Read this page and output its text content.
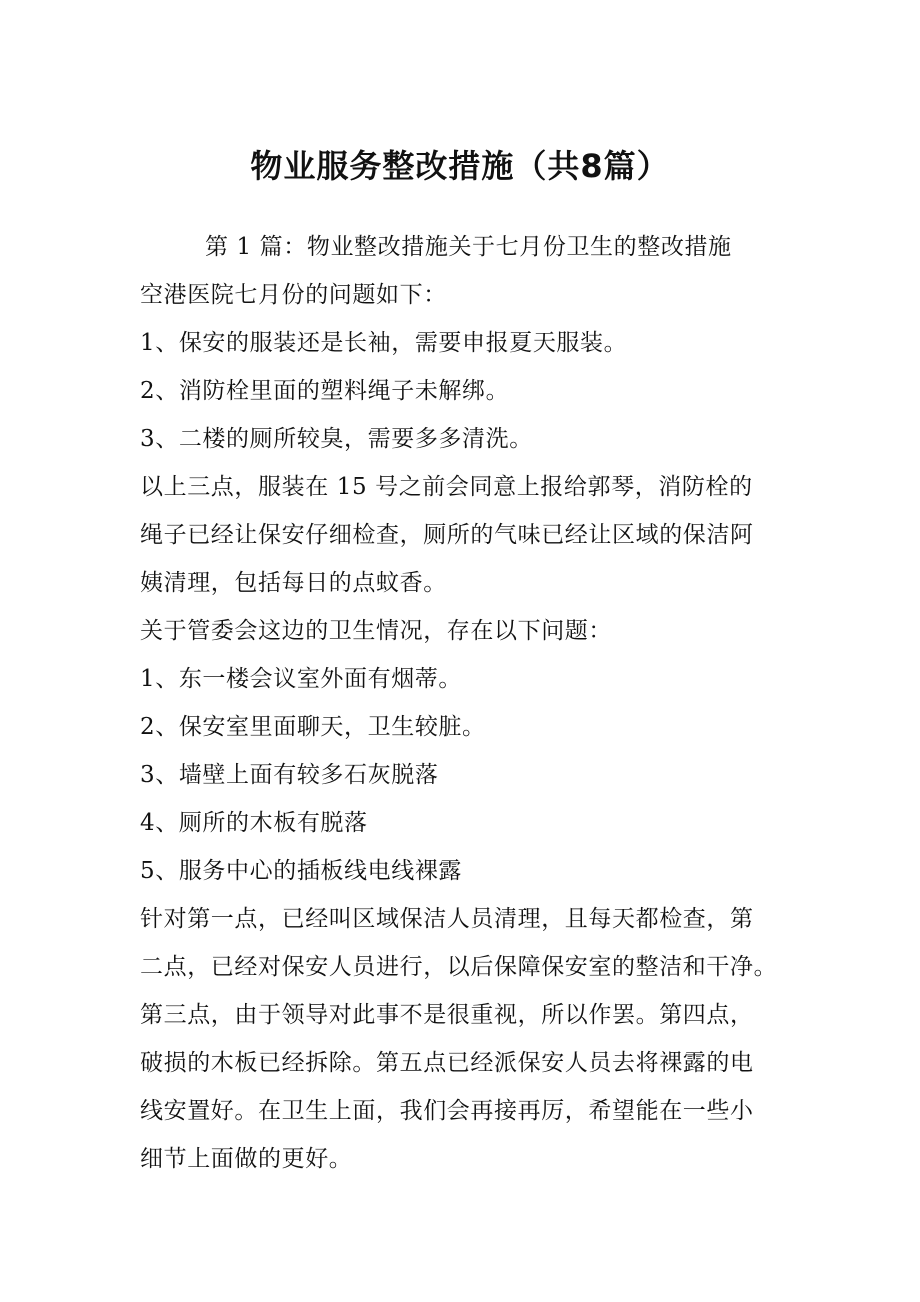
物业服务整改措施（共8篇）
第 1 篇：物业整改措施关于七月份卫生的整改措施
空港医院七月份的问题如下：
1、保安的服装还是长袖，需要申报夏天服装。
2、消防栓里面的塑料绳子未解绑。
3、二楼的厕所较臭，需要多多清洗。
以上三点，服装在 15 号之前会同意上报给郭琴，消防栓的
绳子已经让保安仔细检查，厕所的气味已经让区域的保洁阿
姨清理，包括每日的点蚊香。
关于管委会这边的卫生情况，存在以下问题：
1、东一楼会议室外面有烟蒂。
2、保安室里面聊天，卫生较脏。
3、墙壁上面有较多石灰脱落
4、厕所的木板有脱落
5、服务中心的插板线电线裸露
针对第一点，已经叫区域保洁人员清理，且每天都检查，第
二点，已经对保安人员进行，以后保障保安室的整洁和干净。
第三点，由于领导对此事不是很重视，所以作罢。第四点，
破损的木板已经拆除。第五点已经派保安人员去将裸露的电
线安置好。在卫生上面，我们会再接再厉，希望能在一些小
细节上面做的更好。
